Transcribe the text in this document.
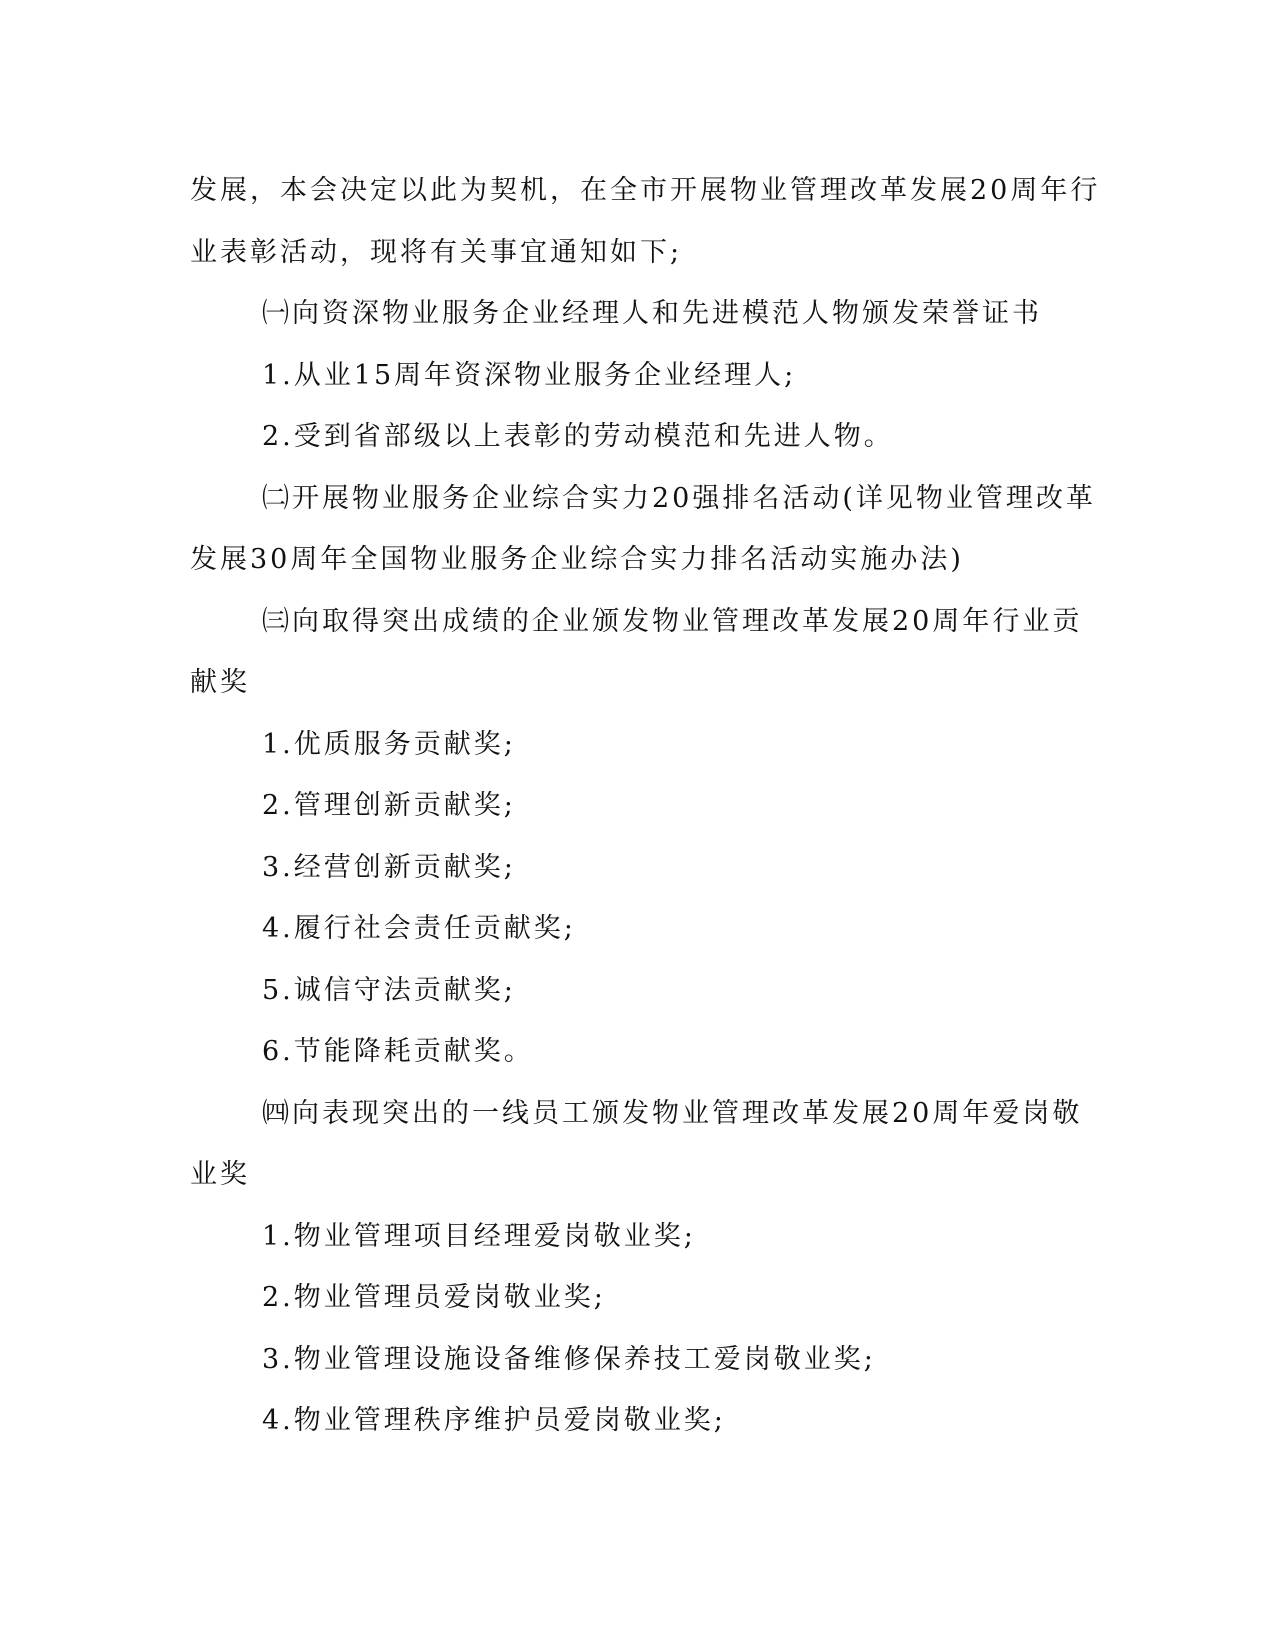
发展，本会决定以此为契机，在全市开展物业管理改革发展20周年行
业表彰活动，现将有关事宜通知如下;
㈠向资深物业服务企业经理人和先进模范人物颁发荣誉证书
1.从业15周年资深物业服务企业经理人;
2.受到省部级以上表彰的劳动模范和先进人物。
㈡开展物业服务企业综合实力20强排名活动(详见物业管理改革
发展30周年全国物业服务企业综合实力排名活动实施办法)
㈢向取得突出成绩的企业颁发物业管理改革发展20周年行业贡
献奖
1.优质服务贡献奖;
2.管理创新贡献奖;
3.经营创新贡献奖;
4.履行社会责任贡献奖;
5.诚信守法贡献奖;
6.节能降耗贡献奖。
㈣向表现突出的一线员工颁发物业管理改革发展20周年爱岗敬
业奖
1.物业管理项目经理爱岗敬业奖;
2.物业管理员爱岗敬业奖;
3.物业管理设施设备维修保养技工爱岗敬业奖;
4.物业管理秩序维护员爱岗敬业奖;
